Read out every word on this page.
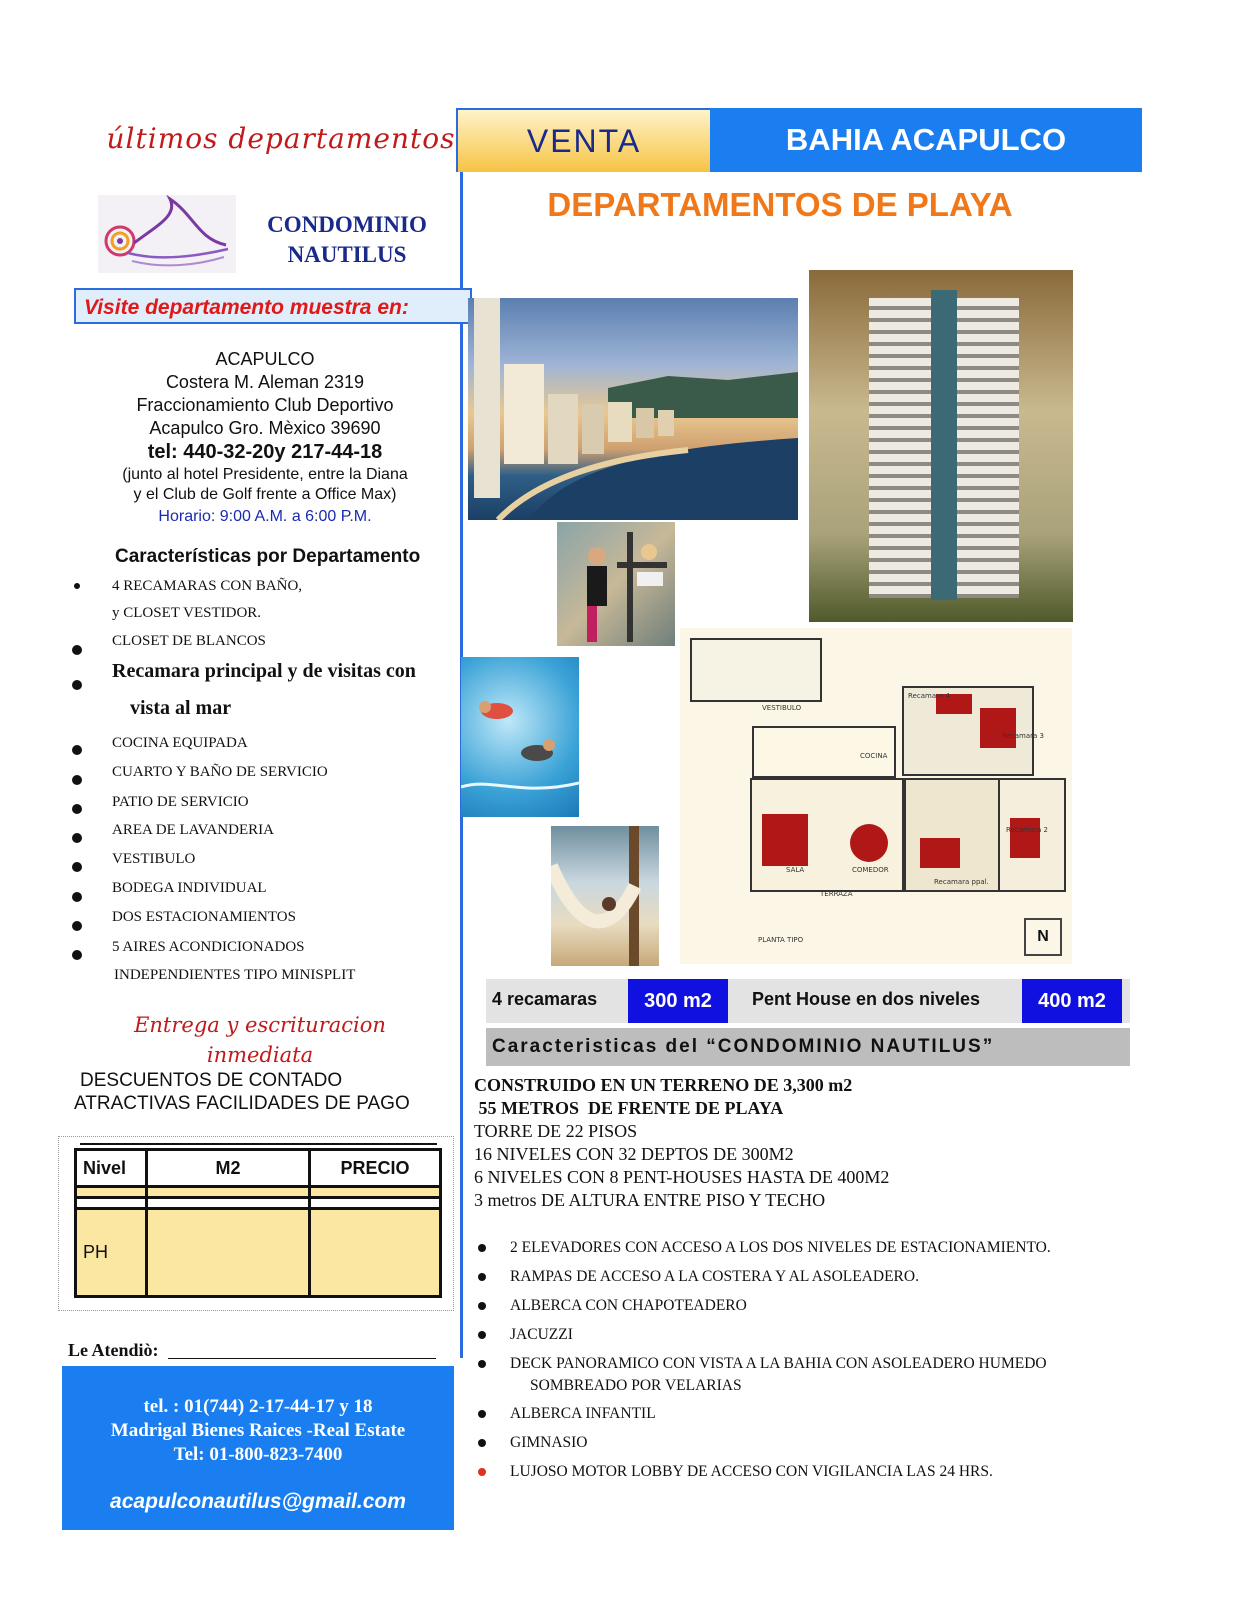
últimos departamentos
CONDOMINIO
NAUTILUS
Visite departamento muestra en:
ACAPULCO
Costera M. Aleman 2319
Fraccionamiento Club Deportivo
Acapulco Gro. Mèxico 39690
tel: 440-32-20y 217-44-18
(junto al hotel Presidente, entre la Diana
y el Club de Golf frente a Office Max)
Horario: 9:00 A.M. a 6:00 P.M.
Características por Departamento
4 RECAMARAS CON BAÑO,
y CLOSET VESTIDOR.
CLOSET DE BLANCOS
Recamara principal y de visitas con
vista al mar
COCINA EQUIPADA
CUARTO Y BAÑO DE SERVICIO
PATIO DE SERVICIO
AREA DE LAVANDERIA
VESTIBULO
BODEGA INDIVIDUAL
DOS ESTACIONAMIENTOS
5 AIRES ACONDICIONADOS
INDEPENDIENTES TIPO MINISPLIT
Entrega y escrituracion
inmediata
DESCUENTOS DE CONTADO
ATRACTIVAS FACILIDADES DE PAGO
Nivel	M2	PRECIO

PH		
Le Atendiò:
tel. : 01(744) 2-17-44-17 y 18
Madrigal Bienes Raices -Real Estate
Tel: 01-800-823-7400
acapulconautilus@gmail.com
VENTA	BAHIA ACAPULCO
DEPARTAMENTOS DE PLAYA
VESTIBULO
COCINA
Recamara 4
Recamara 3
Recamara 2
SALA	COMEDOR
TERRAZA
Recamara ppal.
PLANTA TIPO	N
4 recamaras	300 m2	Pent House en dos niveles	400 m2
Caracteristicas del “CONDOMINIO NAUTILUS”
CONSTRUIDO EN UN TERRENO DE 3,300 m2
55 METROS  DE FRENTE DE PLAYA
TORRE DE 22 PISOS
16 NIVELES CON 32 DEPTOS DE 300M2
6 NIVELES CON 8 PENT-HOUSES HASTA DE 400M2
3 metros DE ALTURA ENTRE PISO Y TECHO
2 ELEVADORES CON ACCESO A LOS DOS NIVELES DE ESTACIONAMIENTO.
RAMPAS DE ACCESO A LA COSTERA Y AL ASOLEADERO.
ALBERCA CON CHAPOTEADERO
JACUZZI
DECK PANORAMICO CON VISTA A LA BAHIA CON ASOLEADERO HUMEDO
SOMBREADO POR VELARIAS
ALBERCA INFANTIL
GIMNASIO
LUJOSO MOTOR LOBBY DE ACCESO CON VIGILANCIA LAS 24 HRS.
